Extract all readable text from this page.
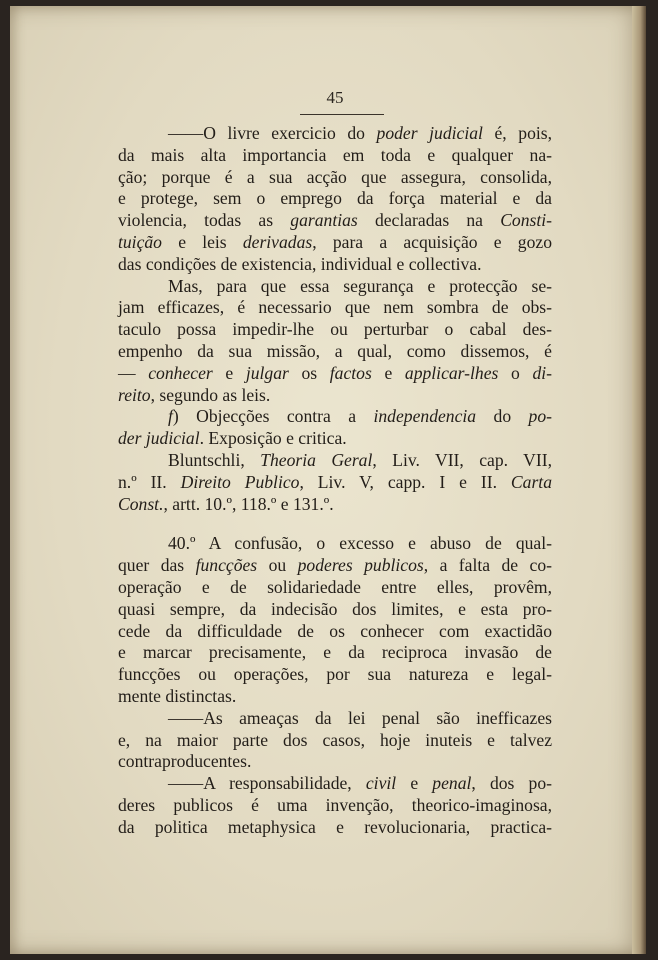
45

——O livre exercicio do poder judicial é, pois,

da mais alta importancia em toda e qualquer na-
ção; porque é a sua acção que assegura, consolida,
e protege, sem o emprego da força material e da
violencia, todas as garantias declaradas na Consti-
tuição e leis derivadas, para a acquisição e gozo
das condições de existencia, individual e collectiva.

Mas, para que essa segurança e protecção se-

jam efficazes, é necessario que nem sombra de obs-
taculo possa impedir-lhe ou perturbar o cabal des-
empenho da sua missão, a qual, como dissemos, é
— conhecer e julgar os factos e applicar-lhes o di-
reito, segundo as leis.

f) Objecções contra a independencia do po-

der judicial. Exposição e critica.

Bluntschli, Theoria Geral, Liv. VII, cap. VII,

n.º II. Direito Publico, Liv. V, capp. I e II. Carta
Const., artt. 10.º, 118.º e 131.º.

40.º A confusão, o excesso e abuso de qual-

quer das funcções ou poderes publicos, a falta de co-
operação e de solidariedade entre elles, provêm,
quasi sempre, da indecisão dos limites, e esta pro-
cede da difficuldade de os conhecer com exactidão
e marcar precisamente, e da reciproca invasão de
funcções ou operações, por sua natureza e legal-
mente distinctas.

——As ameaças da lei penal são inefficazes

e, na maior parte dos casos, hoje inuteis e talvez
contraproducentes.

——A responsabilidade, civil e penal, dos po-

deres publicos é uma invenção, theorico-imaginosa,
da politica metaphysica e revolucionaria, practica-
